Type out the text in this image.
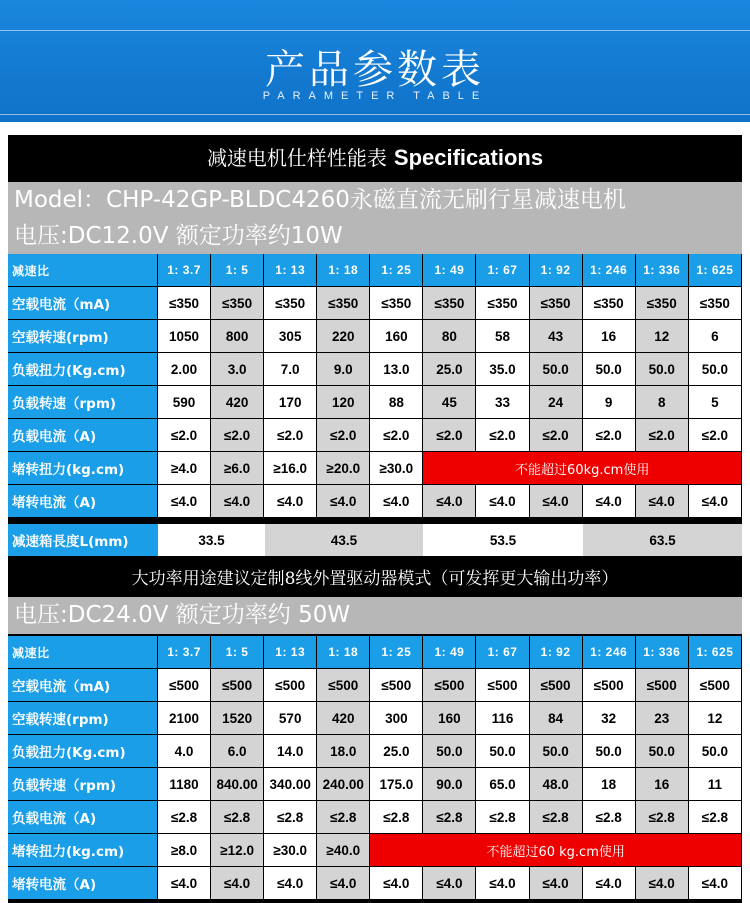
产品参数表
PARAMETER TABLE
减速电机仕样性能表 Specifications
Model：CHP-42GP-BLDC4260永磁直流无刷行星减速电机
电压:DC12.0V 额定功率约10W
减速比	1: 3.7	1: 5	1: 13	1: 18	1: 25	1: 49	1: 67	1: 92	1: 246	1: 336	1: 625
空载电流（mA)	≤350	≤350	≤350	≤350	≤350	≤350	≤350	≤350	≤350	≤350	≤350
空载转速(rpm)	1050	800	305	220	160	80	58	43	16	12	6
负载扭力(Kg.cm)	2.00	3.0	7.0	9.0	13.0	25.0	35.0	50.0	50.0	50.0	50.0
负载转速（rpm)	590	420	170	120	88	45	33	24	9	8	5
负载电流（A)	≤2.0	≤2.0	≤2.0	≤2.0	≤2.0	≤2.0	≤2.0	≤2.0	≤2.0	≤2.0	≤2.0
堵转扭力(kg.cm)	≥4.0	≥6.0	≥16.0	≥20.0	≥30.0	不能超过60kg.cm使用					
堵转电流（A)	≤4.0	≤4.0	≤4.0	≤4.0	≤4.0	≤4.0	≤4.0	≤4.0	≤4.0	≤4.0	≤4.0
减速箱長度L(mm)	33.5	43.5	53.5	63.5
大功率用途建议定制8线外置驱动器模式（可发挥更大输出功率）
电压:DC24.0V 额定功率约 50W
减速比	1: 3.7	1: 5	1: 13	1: 18	1: 25	1: 49	1: 67	1: 92	1: 246	1: 336	1: 625
空载电流（mA)	≤500	≤500	≤500	≤500	≤500	≤500	≤500	≤500	≤500	≤500	≤500
空载转速(rpm)	2100	1520	570	420	300	160	116	84	32	23	12
负载扭力(Kg.cm)	4.0	6.0	14.0	18.0	25.0	50.0	50.0	50.0	50.0	50.0	50.0
负载转速（rpm)	1180	840.00	340.00	240.00	175.0	90.0	65.0	48.0	18	16	11
负载电流（A)	≤2.8	≤2.8	≤2.8	≤2.8	≤2.8	≤2.8	≤2.8	≤2.8	≤2.8	≤2.8	≤2.8
堵转扭力(kg.cm)	≥8.0	≥12.0	≥30.0	≥40.0	不能超过60 kg.cm使用						
堵转电流（A)	≤4.0	≤4.0	≤4.0	≤4.0	≤4.0	≤4.0	≤4.0	≤4.0	≤4.0	≤4.0	≤4.0
